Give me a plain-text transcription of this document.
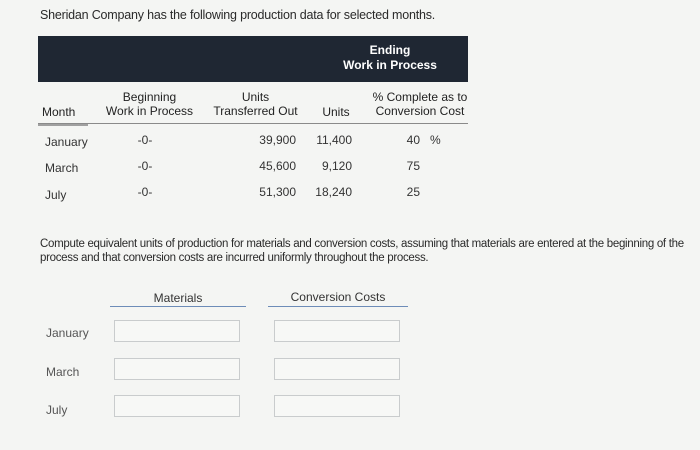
Sheridan Company has the following production data for selected months.
Ending
Work in Process
Month
Beginning
Work in Process
Units
Transferred Out	Units
% Complete as to
Conversion Cost
January	-0-	39,900	11,400	40 %
March	-0-	45,600	9,120	75
July	-0-	51,300	18,240	25
Compute equivalent units of production for materials and conversion costs, assuming that materials are entered at the beginning of the process and that conversion costs are incurred uniformly throughout the process.
Materials	Conversion Costs
January
March
July
